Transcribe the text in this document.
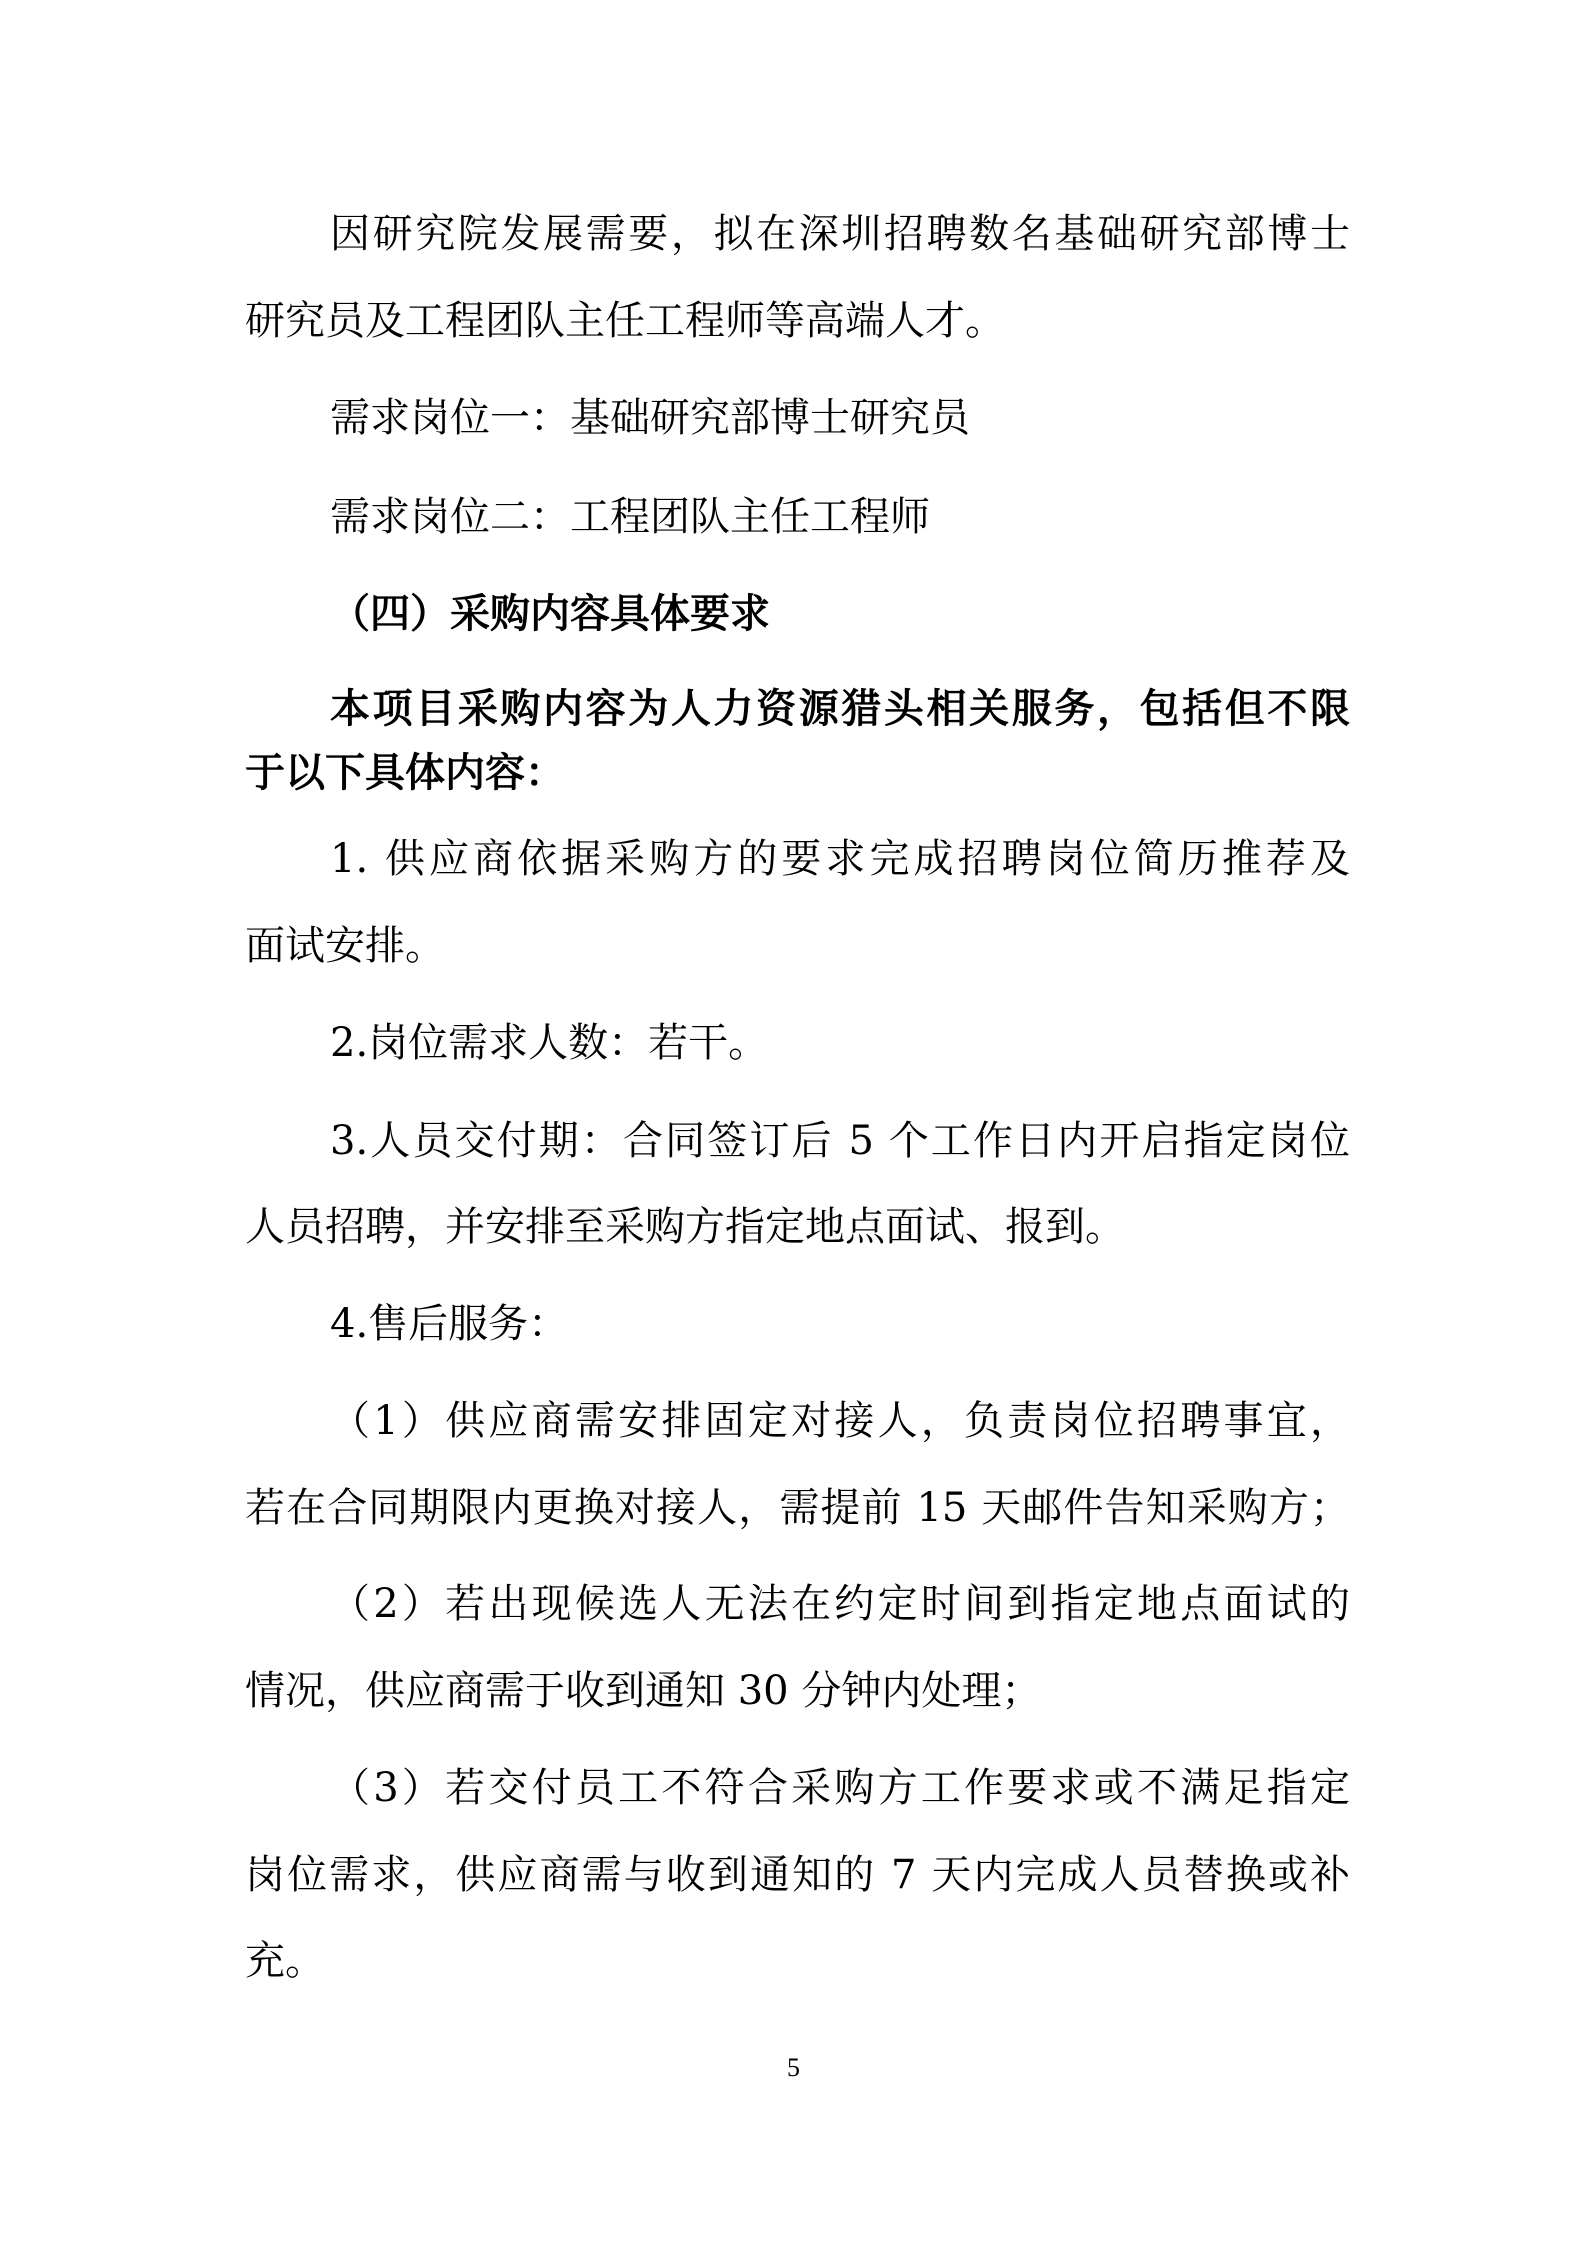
因研究院发展需要，拟在深圳招聘数名基础研究部博士

研究员及工程团队主任工程师等高端人才。

需求岗位一：基础研究部博士研究员

需求岗位二：工程团队主任工程师

（四）采购内容具体要求

本项目采购内容为人力资源猎头相关服务，包括但不限

于以下具体内容：

1. 供应商依据采购方的要求完成招聘岗位简历推荐及

面试安排。

2.岗位需求人数：若干。

3.人员交付期：合同签订后 5 个工作日内开启指定岗位

人员招聘，并安排至采购方指定地点面试、报到。

4.售后服务：

（1）供应商需安排固定对接人，负责岗位招聘事宜，

若在合同期限内更换对接人，需提前 15 天邮件告知采购方；

（2）若出现候选人无法在约定时间到指定地点面试的

情况，供应商需于收到通知 30 分钟内处理；

（3）若交付员工不符合采购方工作要求或不满足指定

岗位需求，供应商需与收到通知的 7 天内完成人员替换或补

充。

5
